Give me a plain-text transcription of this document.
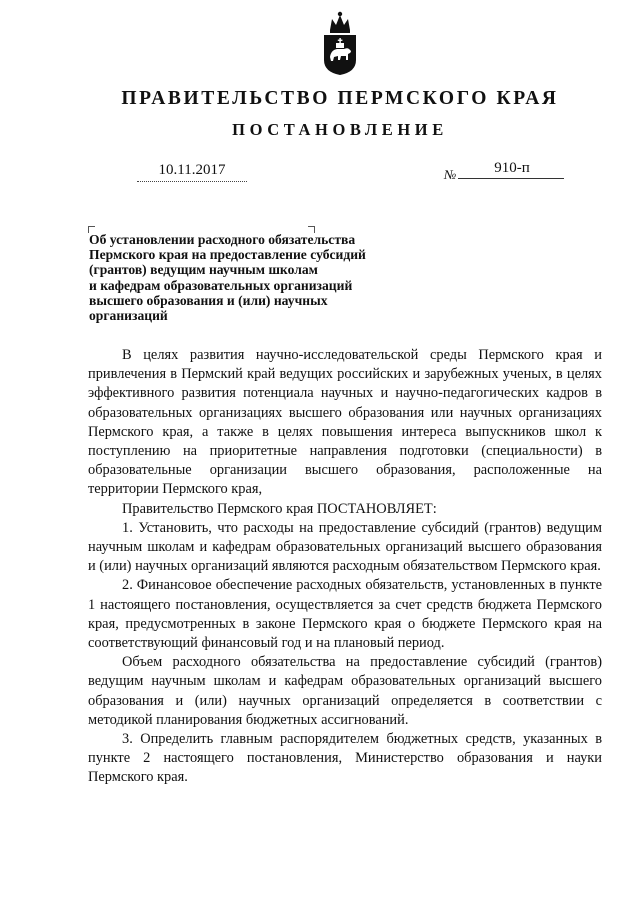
ПРАВИТЕЛЬСТВО ПЕРМСКОГО КРАЯ
ПОСТАНОВЛЕНИЕ
10.11.2017	№	910-п
Об установлении расходного обязательства
Пермского края на предоставление субсидий
(грантов) ведущим научным школам
и кафедрам образовательных организаций
высшего образования и (или) научных
организаций

В целях развития научно-исследовательской среды Пермского края и привлечения в Пермский край ведущих российских и зарубежных ученых, в целях эффективного развития потенциала научных и научно-педагогических кадров в образовательных организациях высшего образования или научных организациях Пермского края, а также в целях повышения интереса выпускников школ к поступлению на приоритетные направления подготовки (специальности) в образовательные организации высшего образования, расположенные на территории Пермского края,

Правительство Пермского края ПОСТАНОВЛЯЕТ:

1. Установить, что расходы на предоставление субсидий (грантов) ведущим научным школам и кафедрам образовательных организаций высшего образования и (или) научных организаций являются расходным обязательством Пермского края.

2. Финансовое обеспечение расходных обязательств, установленных в пункте 1 настоящего постановления, осуществляется за счет средств бюджета Пермского края, предусмотренных в законе Пермского края о бюджете Пермского края на соответствующий финансовый год и на плановый период.

Объем расходного обязательства на предоставление субсидий (грантов) ведущим научным школам и кафедрам образовательных организаций высшего образования и (или) научных организаций определяется в соответствии с методикой планирования бюджетных ассигнований.

3. Определить главным распорядителем бюджетных средств, указанных в пункте 2 настоящего постановления, Министерство образования и науки Пермского края.
